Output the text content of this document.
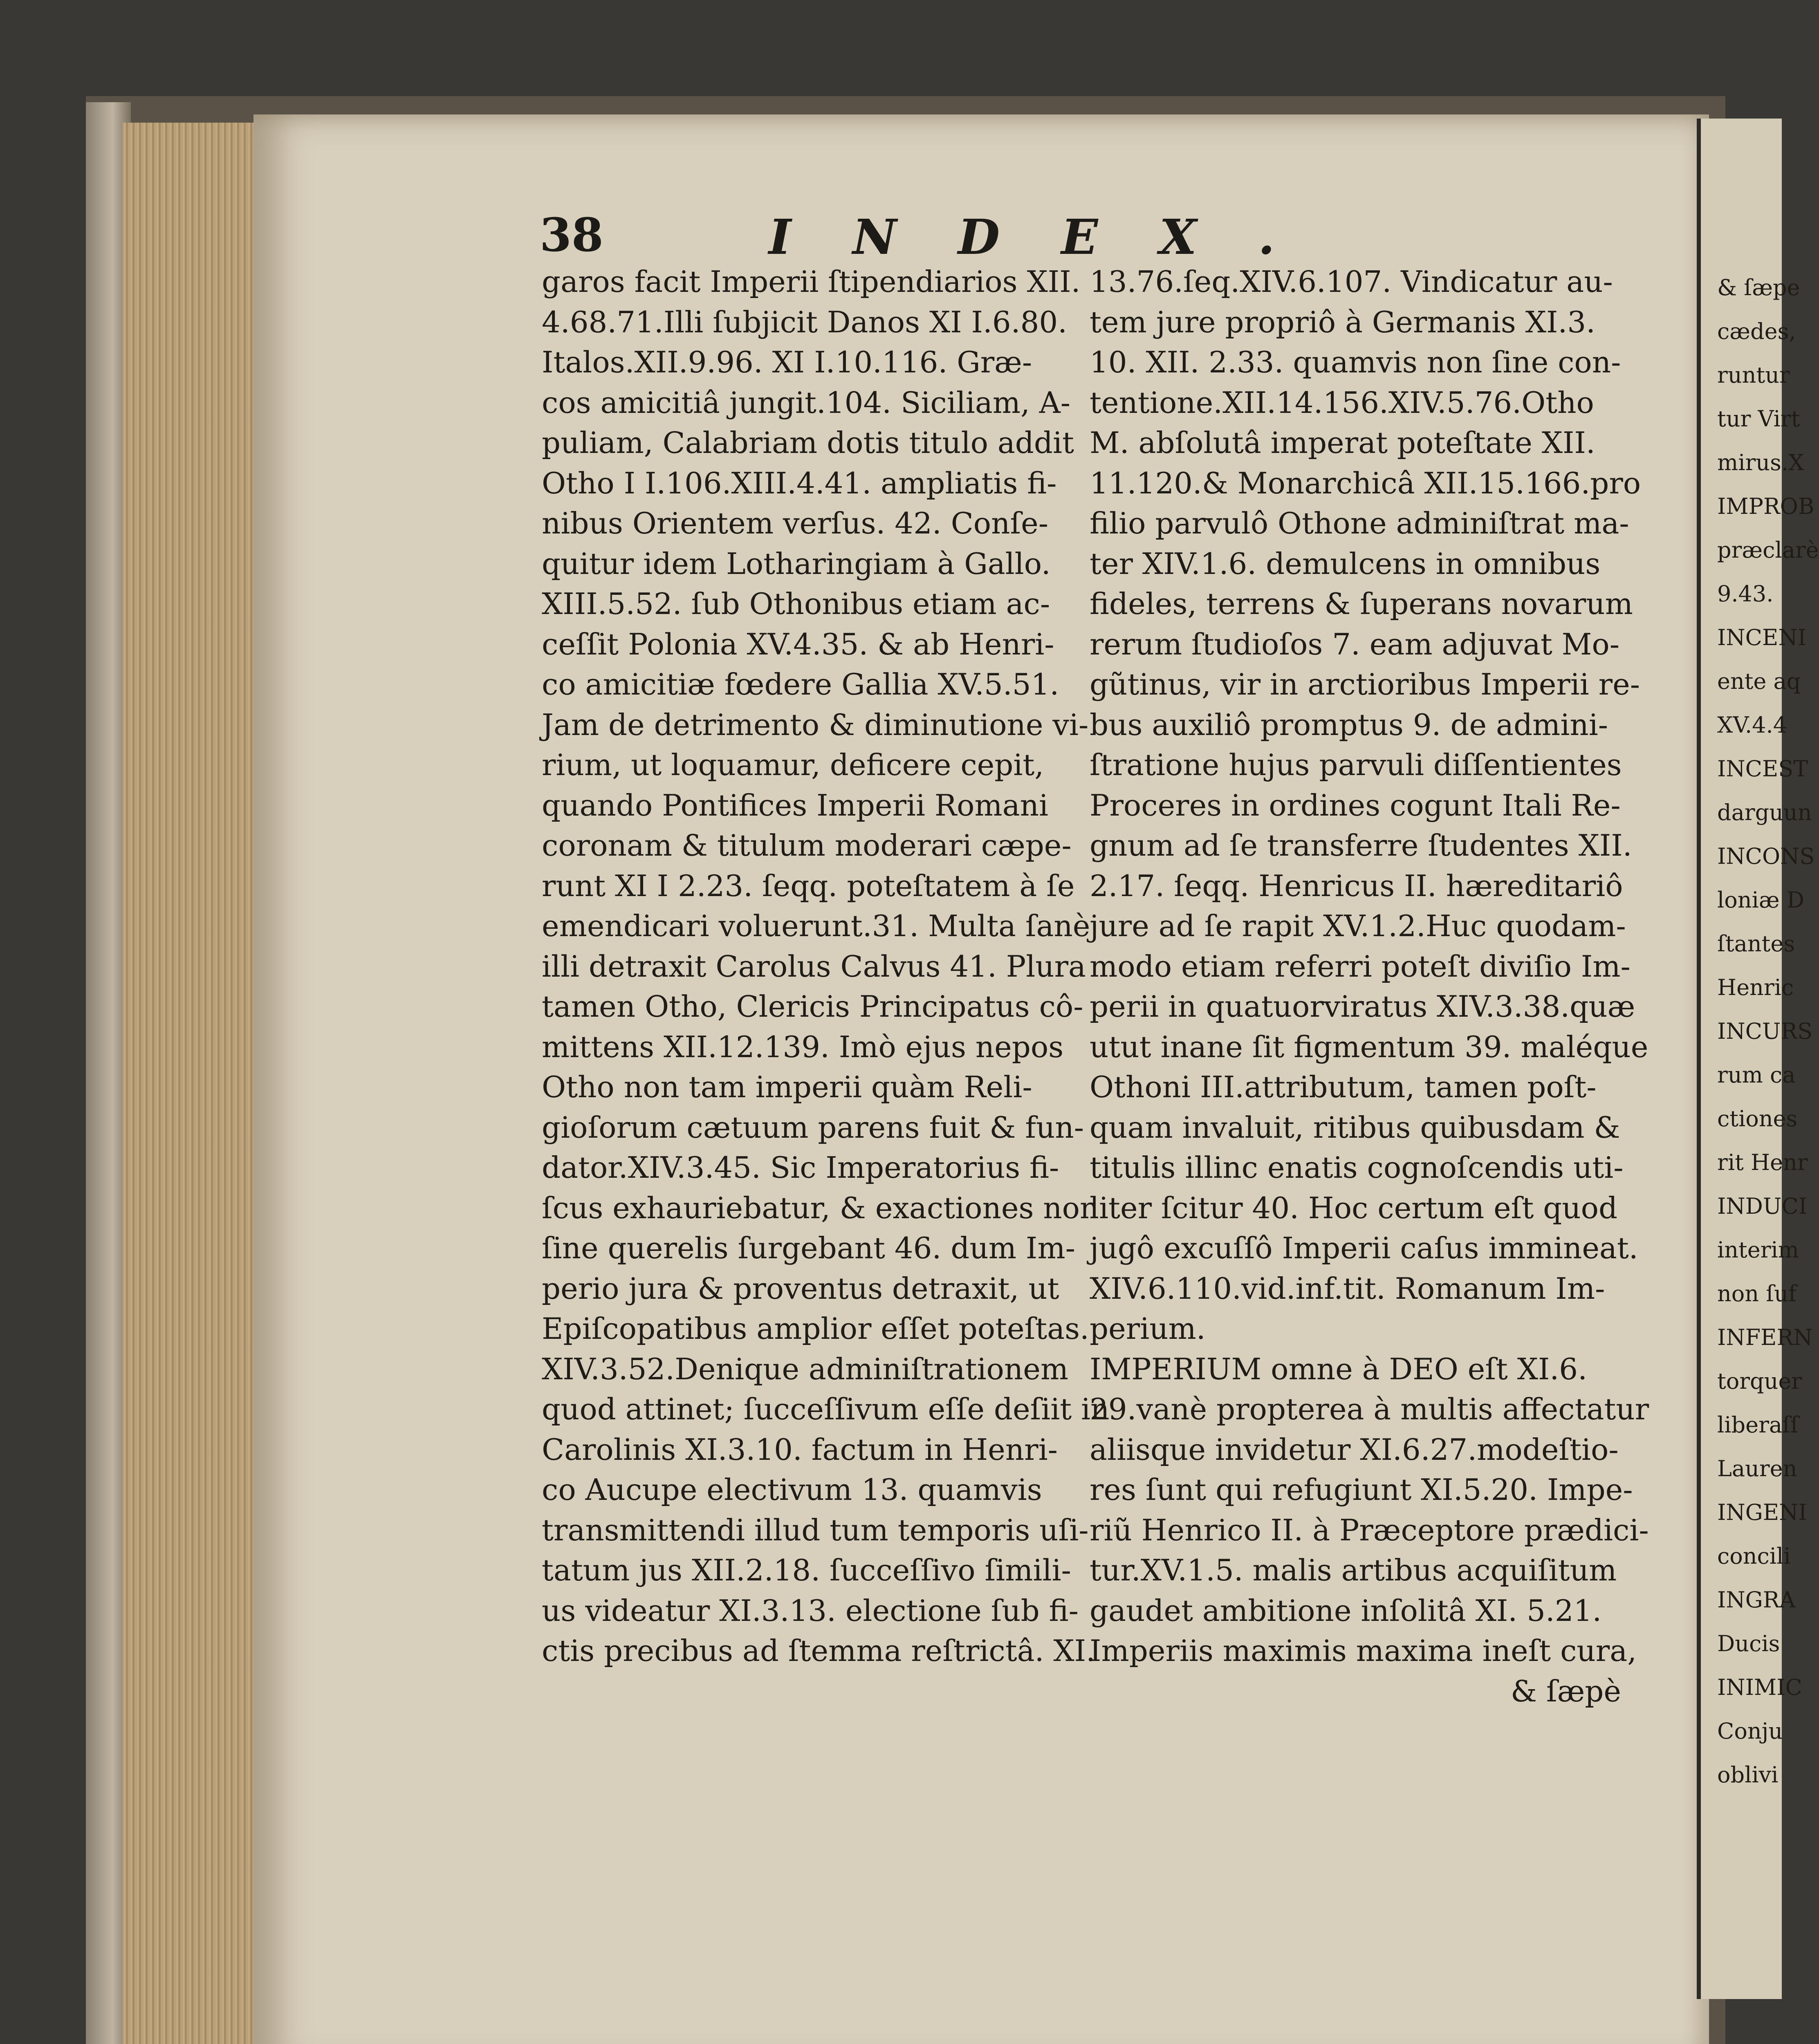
38	INDEX.
garos facit Imperii ſtipendiarios XII.
4.68.71.Illi ſubjicit Danos XI I.6.80.
Italos.XII.9.96. XI I.10.116. Græ-
cos amicitiâ jungit.104. Siciliam, A-
puliam, Calabriam dotis titulo addit
Otho I I.106.XIII.4.41. ampliatis fi-
nibus Orientem verſus. 42. Conſe-
quitur idem Lotharingiam à Gallo.
XIII.5.52. ſub Othonibus etiam ac-
ceſſit Polonia XV.4.35. & ab Henri-
co amicitiæ fœdere Gallia XV.5.51.
Jam de detrimento & diminutione vi-
rium, ut loquamur, deficere cepit,
quando Pontifices Imperii Romani
coronam & titulum moderari cæpe-
runt XI I 2.23. ſeqq. poteſtatem à ſe
emendicari voluerunt.31. Multa ſanè
illi detraxit Carolus Calvus 41. Plura
tamen Otho, Clericis Principatus cô-
mittens XII.12.139. Imò ejus nepos
Otho non tam imperii quàm Reli-
gioſorum cætuum parens fuit & fun-
dator.XIV.3.45. Sic Imperatorius fi-
ſcus exhauriebatur, & exactiones non
ſine querelis ſurgebant 46. dum Im-
perio jura & proventus detraxit, ut
Epiſcopatibus amplior eſſet poteſtas.
XIV.3.52.Denique adminiſtrationem
quod attinet; ſucceſſivum eſſe deſiit in
Carolinis XI.3.10. factum in Henri-
co Aucupe electivum 13. quamvis
transmittendi illud tum temporis uſi-
tatum jus XII.2.18. ſucceſſivo ſimili-
us videatur XI.3.13. electione ſub fi-
ctis precibus ad ſtemma reſtrictâ. XI.
13.76.ſeq.XIV.6.107. Vindicatur au-
tem jure propriô à Germanis XI.3.
10. XII. 2.33. quamvis non ſine con-
tentione.XII.14.156.XIV.5.76.Otho
M. abſolutâ imperat poteſtate XII.
11.120.& Monarchicâ XII.15.166.pro
filio parvulô Othone adminiſtrat ma-
ter XIV.1.6. demulcens in omnibus
fideles, terrens & ſuperans novarum
rerum ſtudioſos 7. eam adjuvat Mo-
gũtinus, vir in arctioribus Imperii re-
bus auxiliô promptus 9. de admini-
ſtratione hujus parvuli diſſentientes
Proceres in ordines cogunt Itali Re-
gnum ad ſe transferre ſtudentes XII.
2.17. ſeqq. Henricus II. hæreditariô
jure ad ſe rapit XV.1.2.Huc quodam-
modo etiam referri poteſt diviſio Im-
perii in quatuorviratus XIV.3.38.quæ
utut inane ſit figmentum 39. maléque
Othoni III.attributum, tamen poſt-
quam invaluit, ritibus quibusdam &
titulis illinc enatis cognoſcendis uti-
liter ſcitur 40. Hoc certum eſt quod
jugô excuſſô Imperii caſus immineat.
XIV.6.110.vid.inf.tit. Romanum Im-
perium.
IMPERIUM omne à DEO eſt XI.6.
29.vanè propterea à multis affectatur
aliisque invidetur XI.6.27.modeſtio-
res ſunt qui refugiunt XI.5.20. Impe-
riũ Henrico II. à Præceptore prædici-
tur.XV.1.5. malis artibus acquiſitum
gaudet ambitione inſolitâ XI. 5.21.
Imperiis maximis maxima ineſt cura,
& ſæpè
& ſæpe
cædes,
runtur
tur Virt
mirus.X
IMPROB
præclarè
9.43.
INCENI
ente aq
XV.4.4
INCEST
darguun
INCONS
loniæ D
ſtantes
Henric
INCURS
rum ca
ctiones
rit Henr
INDUCI
interim
non ſuf
INFERN
torquer
liberaſſ
Lauren
INGENI
concili
INGRA
Ducis
INIMIC
Conju
oblivi
